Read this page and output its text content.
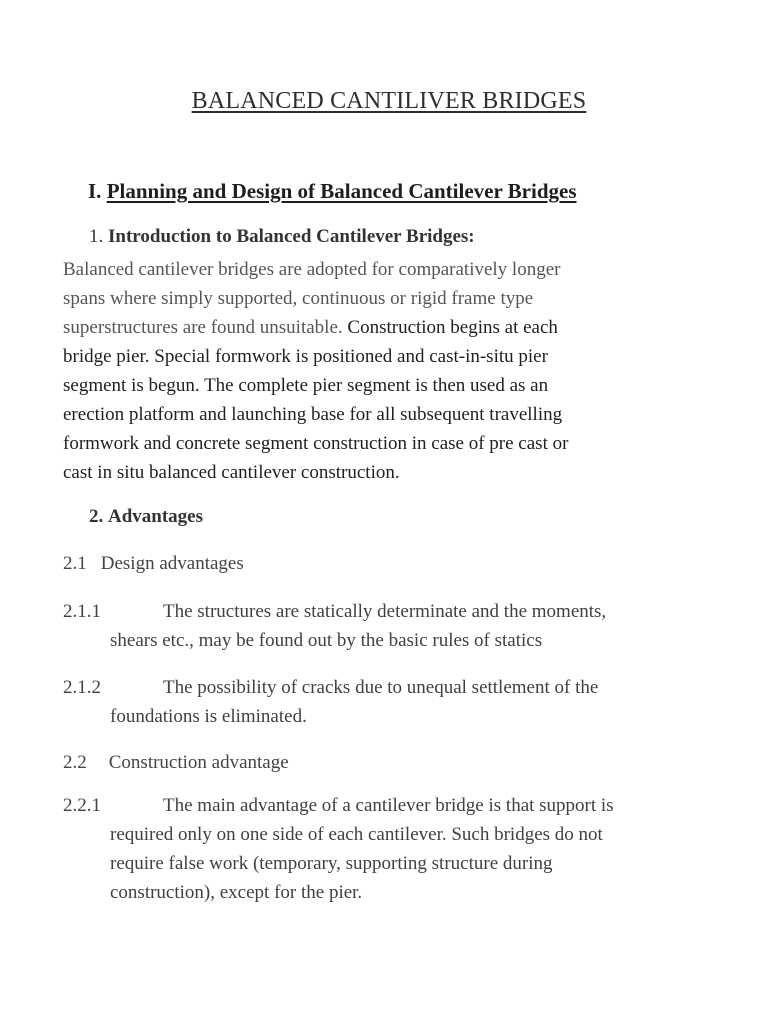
BALANCED CANTILIVER BRIDGES
I. Planning and Design of Balanced Cantilever Bridges
1. Introduction to Balanced Cantilever Bridges:
Balanced cantilever bridges are adopted for comparatively longer
spans where simply supported, continuous or rigid frame type
superstructures are found unsuitable. Construction begins at each
bridge pier. Special formwork is positioned and cast-in-situ pier
segment is begun. The complete pier segment is then used as an
erection platform and launching base for all subsequent travelling
formwork and concrete segment construction in case of pre cast or
cast in situ balanced cantilever construction.
2. Advantages
2.1 Design advantages
2.1.1	The structures are statically determinate and the moments,
shears etc., may be found out by the basic rules of statics
2.1.2	The possibility of cracks due to unequal settlement of the
foundations is eliminated.
2.2 Construction advantage
2.2.1	The main advantage of a cantilever bridge is that support is
required only on one side of each cantilever. Such bridges do not
require false work (temporary, supporting structure during
construction), except for the pier.
